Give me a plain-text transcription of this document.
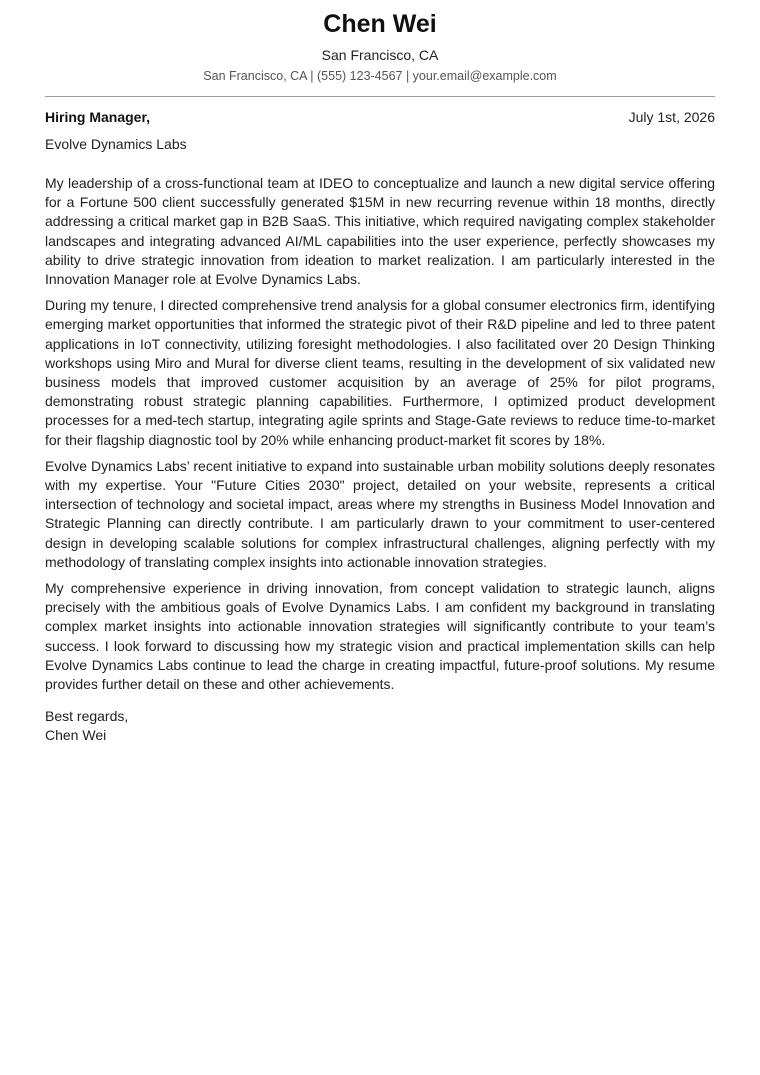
Chen Wei
San Francisco, CA
San Francisco, CA | (555) 123-4567 | your.email@example.com
Hiring Manager,	July 1st, 2026
Evolve Dynamics Labs

My leadership of a cross-functional team at IDEO to conceptualize and launch a new digital service offering for a Fortune 500 client successfully generated $15M in new recurring revenue within 18 months, directly addressing a critical market gap in B2B SaaS. This initiative, which required navigating complex stakeholder landscapes and integrating advanced AI/ML capabilities into the user experience, perfectly showcases my ability to drive strategic innovation from ideation to market realization. I am particularly interested in the Innovation Manager role at Evolve Dynamics Labs.

During my tenure, I directed comprehensive trend analysis for a global consumer electronics firm, identifying emerging market opportunities that informed the strategic pivot of their R&D pipeline and led to three patent applications in IoT connectivity, utilizing foresight methodologies. I also facilitated over 20 Design Thinking workshops using Miro and Mural for diverse client teams, resulting in the development of six validated new business models that improved customer acquisition by an average of 25% for pilot programs, demonstrating robust strategic planning capabilities. Furthermore, I optimized product development processes for a med-tech startup, integrating agile sprints and Stage-Gate reviews to reduce time-to-market for their flagship diagnostic tool by 20% while enhancing product-market fit scores by 18%.

Evolve Dynamics Labs’ recent initiative to expand into sustainable urban mobility solutions deeply resonates with my expertise. Your "Future Cities 2030" project, detailed on your website, represents a critical intersection of technology and societal impact, areas where my strengths in Business Model Innovation and Strategic Planning can directly contribute. I am particularly drawn to your commitment to user-centered design in developing scalable solutions for complex infrastructural challenges, aligning perfectly with my methodology of translating complex insights into actionable innovation strategies.

My comprehensive experience in driving innovation, from concept validation to strategic launch, aligns precisely with the ambitious goals of Evolve Dynamics Labs. I am confident my background in translating complex market insights into actionable innovation strategies will significantly contribute to your team’s success. I look forward to discussing how my strategic vision and practical implementation skills can help Evolve Dynamics Labs continue to lead the charge in creating impactful, future-proof solutions. My resume provides further detail on these and other achievements.

Best regards,
Chen Wei
